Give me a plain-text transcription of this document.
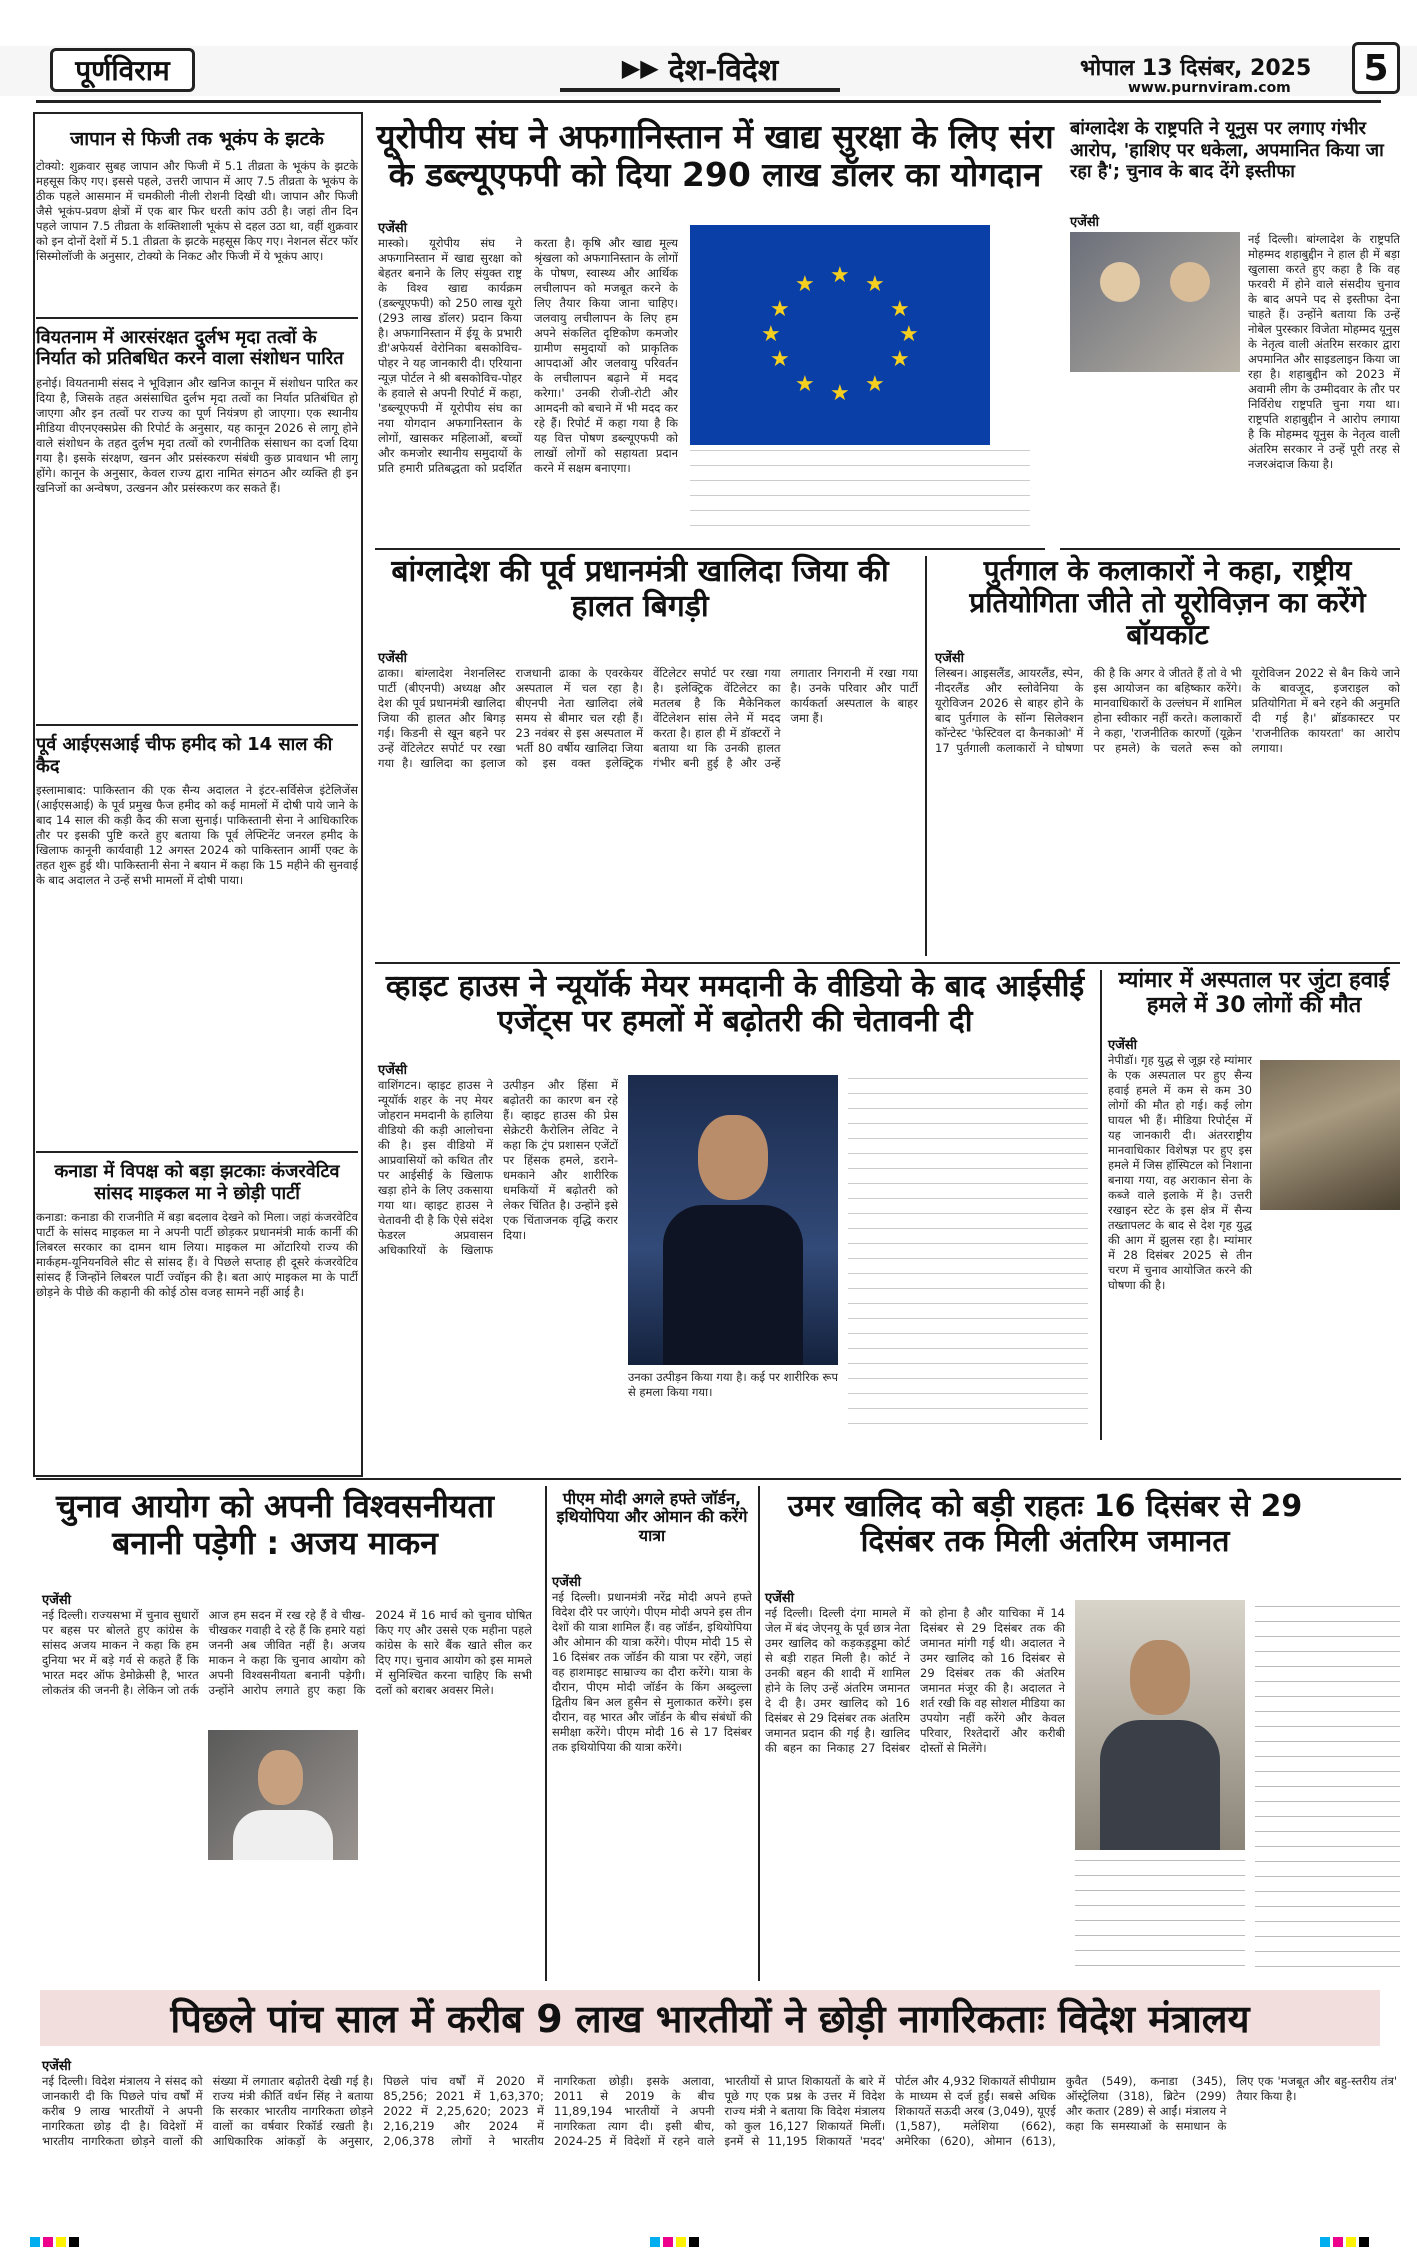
पूर्णविराम	▶▶ देश-विदेश	भोपाल 13 दिसंबर, 2025
www.purnviram.com	5
जापान से फिजी तक भूकंप के झटके
टोक्यो: शुक्रवार सुबह जापान और फिजी में 5.1 तीव्रता के भूकंप के झटके महसूस किए गए। इससे पहले, उत्तरी जापान में आए 7.5 तीव्रता के भूकंप के ठीक पहले आसमान में चमकीली नीली रोशनी दिखी थी। जापान और फिजी जैसे भूकंप-प्रवण क्षेत्रों में एक बार फिर धरती कांप उठी है। जहां तीन दिन पहले जापान 7.5 तीव्रता के शक्तिशाली भूकंप से दहल उठा था, वहीं शुक्रवार को इन दोनों देशों में 5.1 तीव्रता के झटके महसूस किए गए। नेशनल सेंटर फॉर सिस्मोलॉजी के अनुसार, टोक्यो के निकट और फिजी में ये भूकंप आए।
वियतनाम में आरसंरक्षत दुर्लभ मृदा तत्वों के निर्यात को प्रतिबधित करने वाला संशोधन पारित
हनोई। वियतनामी संसद ने भूविज्ञान और खनिज कानून में संशोधन पारित कर दिया है, जिसके तहत असंसाधित दुर्लभ मृदा तत्वों का निर्यात प्रतिबंधित हो जाएगा और इन तत्वों पर राज्य का पूर्ण नियंत्रण हो जाएगा। एक स्थानीय मीडिया वीएनएक्सप्रेस की रिपोर्ट के अनुसार, यह कानून 2026 से लागू होने वाले संशोधन के तहत दुर्लभ मृदा तत्वों को रणनीतिक संसाधन का दर्जा दिया गया है। इसके संरक्षण, खनन और प्रसंस्करण संबंधी कुछ प्रावधान भी लागू होंगे। कानून के अनुसार, केवल राज्य द्वारा नामित संगठन और व्यक्ति ही इन खनिजों का अन्वेषण, उत्खनन और प्रसंस्करण कर सकते हैं।
पूर्व आईएसआई चीफ हमीद को 14 साल की कैद
इस्लामाबाद: पाकिस्तान की एक सैन्य अदालत ने इंटर-सर्विसेज इंटेलिजेंस (आईएसआई) के पूर्व प्रमुख फैज हमीद को कई मामलों में दोषी पाये जाने के बाद 14 साल की कड़ी कैद की सजा सुनाई। पाकिस्तानी सेना ने आधिकारिक तौर पर इसकी पुष्टि करते हुए बताया कि पूर्व लेफ्टिनेंट जनरल हमीद के खिलाफ कानूनी कार्यवाही 12 अगस्त 2024 को पाकिस्तान आर्मी एक्ट के तहत शुरू हुई थी। पाकिस्तानी सेना ने बयान में कहा कि 15 महीने की सुनवाई के बाद अदालत ने उन्हें सभी मामलों में दोषी पाया।
कनाडा में विपक्ष को बड़ा झटकाः कंजरवेटिव सांसद माइकल मा ने छोड़ी पार्टी
कनाडा: कनाडा की राजनीति में बड़ा बदलाव देखने को मिला। जहां कंजरवेटिव पार्टी के सांसद माइकल मा ने अपनी पार्टी छोड़कर प्रधानमंत्री मार्क कार्नी की लिबरल सरकार का दामन थाम लिया। माइकल मा ओंटारियो राज्य की मार्कहम-यूनियनविले सीट से सांसद हैं। वे पिछले सप्ताह ही दूसरे कंजरवेटिव सांसद हैं जिन्होंने लिबरल पार्टी ज्वॉइन की है। बता आएं माइकल मा के पार्टी छोड़ने के पीछे की कहानी की कोई ठोस वजह सामने नहीं आई है।
यूरोपीय संघ ने अफगानिस्तान में खाद्य सुरक्षा के लिए संरा के डब्ल्यूएफपी को दिया 290 लाख डॉलर का योगदान
एजेंसी
मास्को। यूरोपीय संघ ने अफगानिस्तान में खाद्य सुरक्षा को बेहतर बनाने के लिए संयुक्त राष्ट्र के विश्व खाद्य कार्यक्रम (डब्ल्यूएफपी) को 250 लाख यूरो (293 लाख डॉलर) प्रदान किया है। अफगानिस्तान में ईयू के प्रभारी डी'अफेयर्स वेरोनिका बसकोविच-पोहर ने यह जानकारी दी। एरियाना न्यूज़ पोर्टल ने श्री बसकोविच-पोहर के हवाले से अपनी रिपोर्ट में कहा, 'डब्ल्यूएफपी में यूरोपीय संघ का नया योगदान अफगानिस्तान के लोगों, खासकर महिलाओं, बच्चों और कमजोर स्थानीय समुदायों के प्रति हमारी प्रतिबद्धता को प्रदर्शित करता है। कृषि और खाद्य मूल्य श्रृंखला को अफगानिस्तान के लोगों के पोषण, स्वास्थ्य और आर्थिक लचीलापन को मजबूत करने के लिए तैयार किया जाना चाहिए। जलवायु लचीलापन के लिए हम अपने संकलित दृष्टिकोण कमजोर ग्रामीण समुदायों को प्राकृतिक आपदाओं और जलवायु परिवर्तन के लचीलापन बढ़ाने में मदद करेगा।' उनकी रोजी-रोटी और आमदनी को बचाने में भी मदद कर रहे हैं। रिपोर्ट में कहा गया है कि यह वित्त पोषण डब्ल्यूएफपी को लाखों लोगों को सहायता प्रदान करने में सक्षम बनाएगा।
★ ★
★
★
★
★
★
★
★
★
★
★
बांग्लादेश के राष्ट्रपति ने यूनुस पर लगाए गंभीर आरोप, 'हाशिए पर धकेला, अपमानित किया जा रहा है'; चुनाव के बाद देंगे इस्तीफा
एजेंसी
नई दिल्ली। बांग्लादेश के राष्ट्रपति मोहम्मद शहाबुद्दीन ने हाल ही में बड़ा खुलासा करते हुए कहा है कि वह फरवरी में होने वाले संसदीय चुनाव के बाद अपने पद से इस्तीफा देना चाहते हैं। उन्होंने बताया कि उन्हें नोबेल पुरस्कार विजेता मोहम्मद यूनुस के नेतृत्व वाली अंतरिम सरकार द्वारा अपमानित और साइडलाइन किया जा रहा है। शहाबुद्दीन को 2023 में अवामी लीग के उम्मीदवार के तौर पर निर्विरोध राष्ट्रपति चुना गया था। राष्ट्रपति शहाबुद्दीन ने आरोप लगाया है कि मोहम्मद यूनुस के नेतृत्व वाली अंतरिम सरकार ने उन्हें पूरी तरह से नजरअंदाज किया है।
बांग्लादेश की पूर्व प्रधानमंत्री खालिदा जिया की हालत बिगड़ी
एजेंसी
ढाका। बांग्लादेश नेशनलिस्ट पार्टी (बीएनपी) अध्यक्ष और देश की पूर्व प्रधानमंत्री खालिदा जिया की हालत और बिगड़ गई। किडनी से खून बहने पर उन्हें वेंटिलेटर सपोर्ट पर रखा गया है। खालिदा का इलाज राजधानी ढाका के एवरकेयर अस्पताल में चल रहा है। बीएनपी नेता खालिदा लंबे समय से बीमार चल रही हैं। 23 नवंबर से इस अस्पताल में भर्ती 80 वर्षीय खालिदा जिया को इस वक्त इलेक्ट्रिक वेंटिलेटर सपोर्ट पर रखा गया है। इलेक्ट्रिक वेंटिलेटर का मतलब है कि मैकेनिकल वेंटिलेशन सांस लेने में मदद करता है। हाल ही में डॉक्टरों ने बताया था कि उनकी हालत गंभीर बनी हुई है और उन्हें लगातार निगरानी में रखा गया है। उनके परिवार और पार्टी कार्यकर्ता अस्पताल के बाहर जमा हैं।
पुर्तगाल के कलाकारों ने कहा, राष्ट्रीय प्रतियोगिता जीते तो यूरोविज़न का करेंगे बॉयकॉट
एजेंसी
लिस्बन। आइसलैंड, आयरलैंड, स्पेन, नीदरलैंड और स्लोवेनिया के यूरोविजन 2026 से बाहर होने के बाद पुर्तगाल के सॉन्ग सिलेक्शन कॉन्टेस्ट 'फेस्टिवल दा कैनकाओ' में 17 पुर्तगाली कलाकारों ने घोषणा की है कि अगर वे जीतते हैं तो वे भी इस आयोजन का बहिष्कार करेंगे। मानवाधिकारों के उल्लंघन में शामिल होना स्वीकार नहीं करते। कलाकारों ने कहा, 'राजनीतिक कारणों (यूक्रेन पर हमले) के चलते रूस को यूरोविजन 2022 से बैन किये जाने के बावजूद, इजराइल को प्रतियोगिता में बने रहने की अनुमति दी गई है।' ब्रॉडकास्टर पर 'राजनीतिक कायरता' का आरोप लगाया।
व्हाइट हाउस ने न्यूयॉर्क मेयर ममदानी के वीडियो के बाद आईसीई एजेंट्स पर हमलों में बढ़ोतरी की चेतावनी दी
एजेंसी
वाशिंगटन। व्हाइट हाउस ने न्यूयॉर्क शहर के नए मेयर जोहरान ममदानी के हालिया वीडियो की कड़ी आलोचना की है। इस वीडियो में आप्रवासियों को कथित तौर पर आईसीई के खिलाफ खड़ा होने के लिए उकसाया गया था। व्हाइट हाउस ने चेतावनी दी है कि ऐसे संदेश फेडरल अप्रवासन अधिकारियों के खिलाफ उत्पीड़न और हिंसा में बढ़ोतरी का कारण बन रहे हैं। व्हाइट हाउस की प्रेस सेक्रेटरी कैरोलिन लेविट ने कहा कि ट्रंप प्रशासन एजेंटों पर हिंसक हमले, डराने-धमकाने और शारीरिक धमकियों में बढ़ोतरी को लेकर चिंतित है। उन्होंने इसे एक चिंताजनक वृद्धि करार दिया।
उनका उत्पीड़न किया गया है। कई पर शारीरिक रूप से हमला किया गया।
म्यांमार में अस्पताल पर जुंटा हवाई हमले में 30 लोगों की मौत
एजेंसी
नेपीडॉ। गृह युद्ध से जूझ रहे म्यांमार के एक अस्पताल पर हुए सैन्य हवाई हमले में कम से कम 30 लोगों की मौत हो गई। कई लोग घायल भी हैं। मीडिया रिपोर्ट्स में यह जानकारी दी। अंतरराष्ट्रीय मानवाधिकार विशेषज्ञ पर हुए इस हमले में जिस हॉस्पिटल को निशाना बनाया गया, वह अराकान सेना के कब्जे वाले इलाके में है। उत्तरी रखाइन स्टेट के इस क्षेत्र में सैन्य तख्तापलट के बाद से देश गृह युद्ध की आग में झुलस रहा है। म्यांमार में 28 दिसंबर 2025 से तीन चरण में चुनाव आयोजित करने की घोषणा की है।
चुनाव आयोग को अपनी विश्वसनीयता बनानी पड़ेगी : अजय माकन
एजेंसी
नई दिल्ली। राज्यसभा में चुनाव सुधारों पर बहस पर बोलते हुए कांग्रेस के सांसद अजय माकन ने कहा कि हम दुनिया भर में बड़े गर्व से कहते हैं कि भारत मदर ऑफ डेमोक्रेसी है, भारत लोकतंत्र की जननी है। लेकिन जो तर्क आज हम सदन में रख रहे हैं वे चीख-चीखकर गवाही दे रहे हैं कि हमारे यहां जननी अब जीवित नहीं है। अजय माकन ने कहा कि चुनाव आयोग को अपनी विश्वसनीयता बनानी पड़ेगी। उन्होंने आरोप लगाते हुए कहा कि 2024 में 16 मार्च को चुनाव घोषित किए गए और उससे एक महीना पहले कांग्रेस के सारे बैंक खाते सील कर दिए गए। चुनाव आयोग को इस मामले में सुनिश्चित करना चाहिए कि सभी दलों को बराबर अवसर मिले।
पीएम मोदी अगले हफ्ते जॉर्डन, इथियोपिया और ओमान की करेंगे यात्रा
एजेंसी
नई दिल्ली। प्रधानमंत्री नरेंद्र मोदी अपने हफ्ते विदेश दौरे पर जाएंगे। पीएम मोदी अपने इस तीन देशों की यात्रा शामिल हैं। वह जॉर्डन, इथियोपिया और ओमान की यात्रा करेंगे। पीएम मोदी 15 से 16 दिसंबर तक जॉर्डन की यात्रा पर रहेंगे, जहां वह हाशमाइट साम्राज्य का दौरा करेंगे। यात्रा के दौरान, पीएम मोदी जॉर्डन के किंग अब्दुल्ला द्वितीय बिन अल हुसैन से मुलाकात करेंगे। इस दौरान, वह भारत और जॉर्डन के बीच संबंधों की समीक्षा करेंगे। पीएम मोदी 16 से 17 दिसंबर तक इथियोपिया की यात्रा करेंगे।
उमर खालिद को बड़ी राहतः 16 दिसंबर से 29 दिसंबर तक मिली अंतरिम जमानत
एजेंसी
नई दिल्ली। दिल्ली दंगा मामले में जेल में बंद जेएनयू के पूर्व छात्र नेता उमर खालिद को कड़कड़डूमा कोर्ट से बड़ी राहत मिली है। कोर्ट ने उनकी बहन की शादी में शामिल होने के लिए उन्हें अंतरिम जमानत दे दी है। उमर खालिद को 16 दिसंबर से 29 दिसंबर तक अंतरिम जमानत प्रदान की गई है। खालिद की बहन का निकाह 27 दिसंबर को होना है और याचिका में 14 दिसंबर से 29 दिसंबर तक की जमानत मांगी गई थी। अदालत ने उमर खालिद को 16 दिसंबर से 29 दिसंबर तक की अंतरिम जमानत मंजूर की है। अदालत ने शर्त रखी कि वह सोशल मीडिया का उपयोग नहीं करेंगे और केवल परिवार, रिश्तेदारों और करीबी दोस्तों से मिलेंगे।
पिछले पांच साल में करीब 9 लाख भारतीयों ने छोड़ी नागरिकताः विदेश मंत्रालय
एजेंसी
नई दिल्ली। विदेश मंत्रालय ने संसद को जानकारी दी कि पिछले पांच वर्षों में करीब 9 लाख भारतीयों ने अपनी नागरिकता छोड़ दी है। विदेशों में भारतीय नागरिकता छोड़ने वालों की संख्या में लगातार बढ़ोतरी देखी गई है। राज्य मंत्री कीर्ति वर्धन सिंह ने बताया कि सरकार भारतीय नागरिकता छोड़ने वालों का वर्षवार रिकॉर्ड रखती है। आधिकारिक आंकड़ों के अनुसार, पिछले पांच वर्षों में 2020 में 85,256; 2021 में 1,63,370; 2022 में 2,25,620; 2023 में 2,16,219 और 2024 में 2,06,378 लोगों ने भारतीय नागरिकता छोड़ी। इसके अलावा, 2011 से 2019 के बीच 11,89,194 भारतीयों ने अपनी नागरिकता त्याग दी। इसी बीच, 2024-25 में विदेशों में रहने वाले भारतीयों से प्राप्त शिकायतों के बारे में पूछे गए एक प्रश्न के उत्तर में विदेश राज्य मंत्री ने बताया कि विदेश मंत्रालय को कुल 16,127 शिकायतें मिलीं। इनमें से 11,195 शिकायतें 'मदद' पोर्टल और 4,932 शिकायतें सीपीग्राम के माध्यम से दर्ज हुईं। सबसे अधिक शिकायतें सऊदी अरब (3,049), यूएई (1,587), मलेशिया (662), अमेरिका (620), ओमान (613), कुवैत (549), कनाडा (345), ऑस्ट्रेलिया (318), ब्रिटेन (299) और कतार (289) से आईं। मंत्रालय ने कहा कि समस्याओं के समाधान के लिए एक 'मजबूत और बहु-स्तरीय तंत्र' तैयार किया है।
